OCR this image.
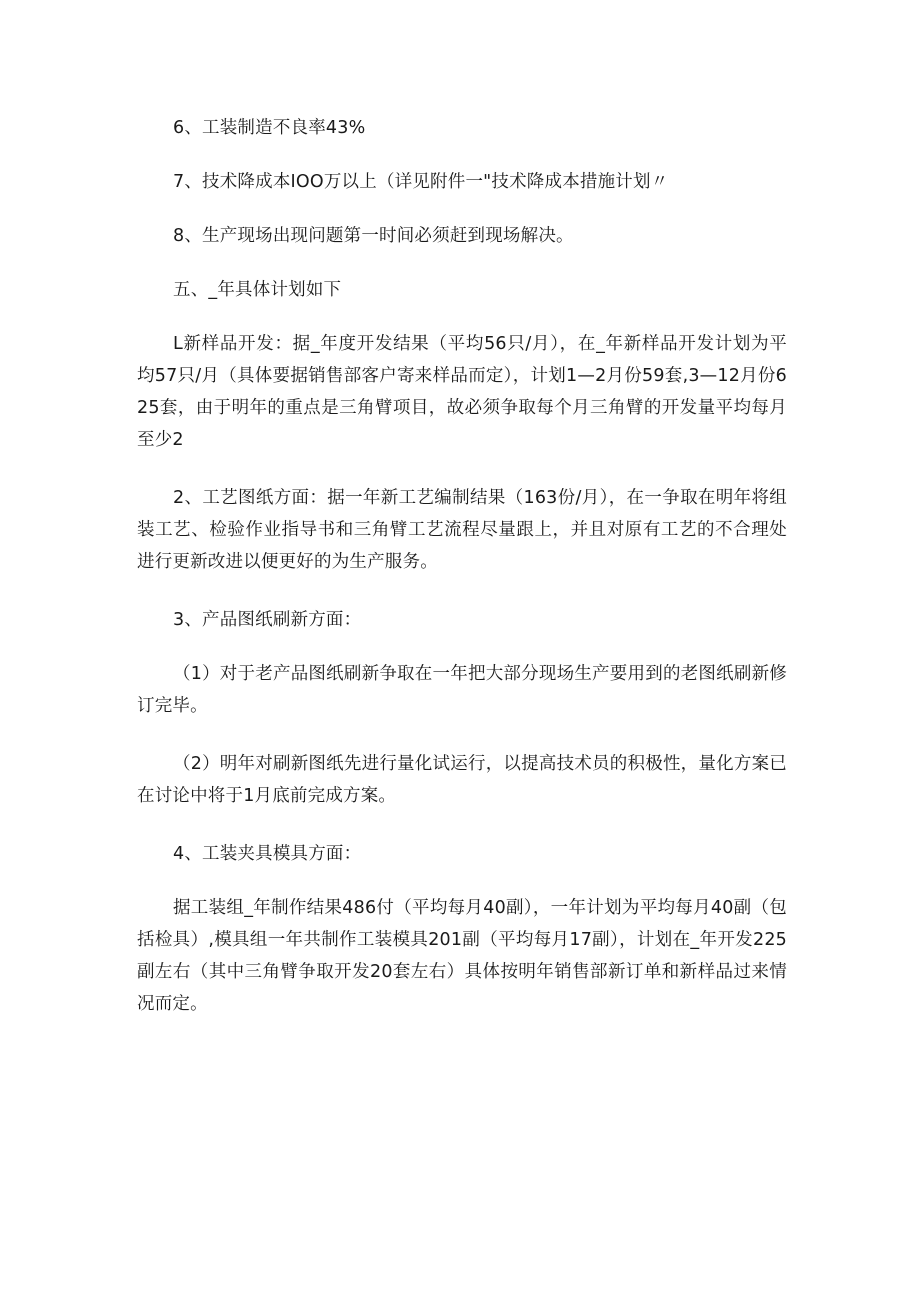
6、工装制造不良率43%

7、技术降成本IOO万以上（详见附件一"技术降成本措施计划〃

8、生产现场出现问题第一时间必须赶到现场解决。

五、_年具体计划如下

L新样品开发：据_年度开发结果（平均56只/月），在_年新样品开发计划为平均57只/月（具体要据销售部客户寄来样品而定），计划1—2月份59套,3—12月份625套，由于明年的重点是三角臂项目，故必须争取每个月三角臂的开发量平均每月至少2

2、工艺图纸方面：据一年新工艺编制结果（163份/月），在一争取在明年将组装工艺、检验作业指导书和三角臂工艺流程尽量跟上，并且对原有工艺的不合理处进行更新改进以便更好的为生产服务。

3、产品图纸刷新方面：

（1）对于老产品图纸刷新争取在一年把大部分现场生产要用到的老图纸刷新修订完毕。

（2）明年对刷新图纸先进行量化试运行，以提高技术员的积极性，量化方案已在讨论中将于1月底前完成方案。

4、工装夹具模具方面：

据工装组_年制作结果486付（平均每月40副），一年计划为平均每月40副（包括检具）,模具组一年共制作工装模具201副（平均每月17副），计划在_年开发225副左右（其中三角臂争取开发20套左右）具体按明年销售部新订单和新样品过来情况而定。
